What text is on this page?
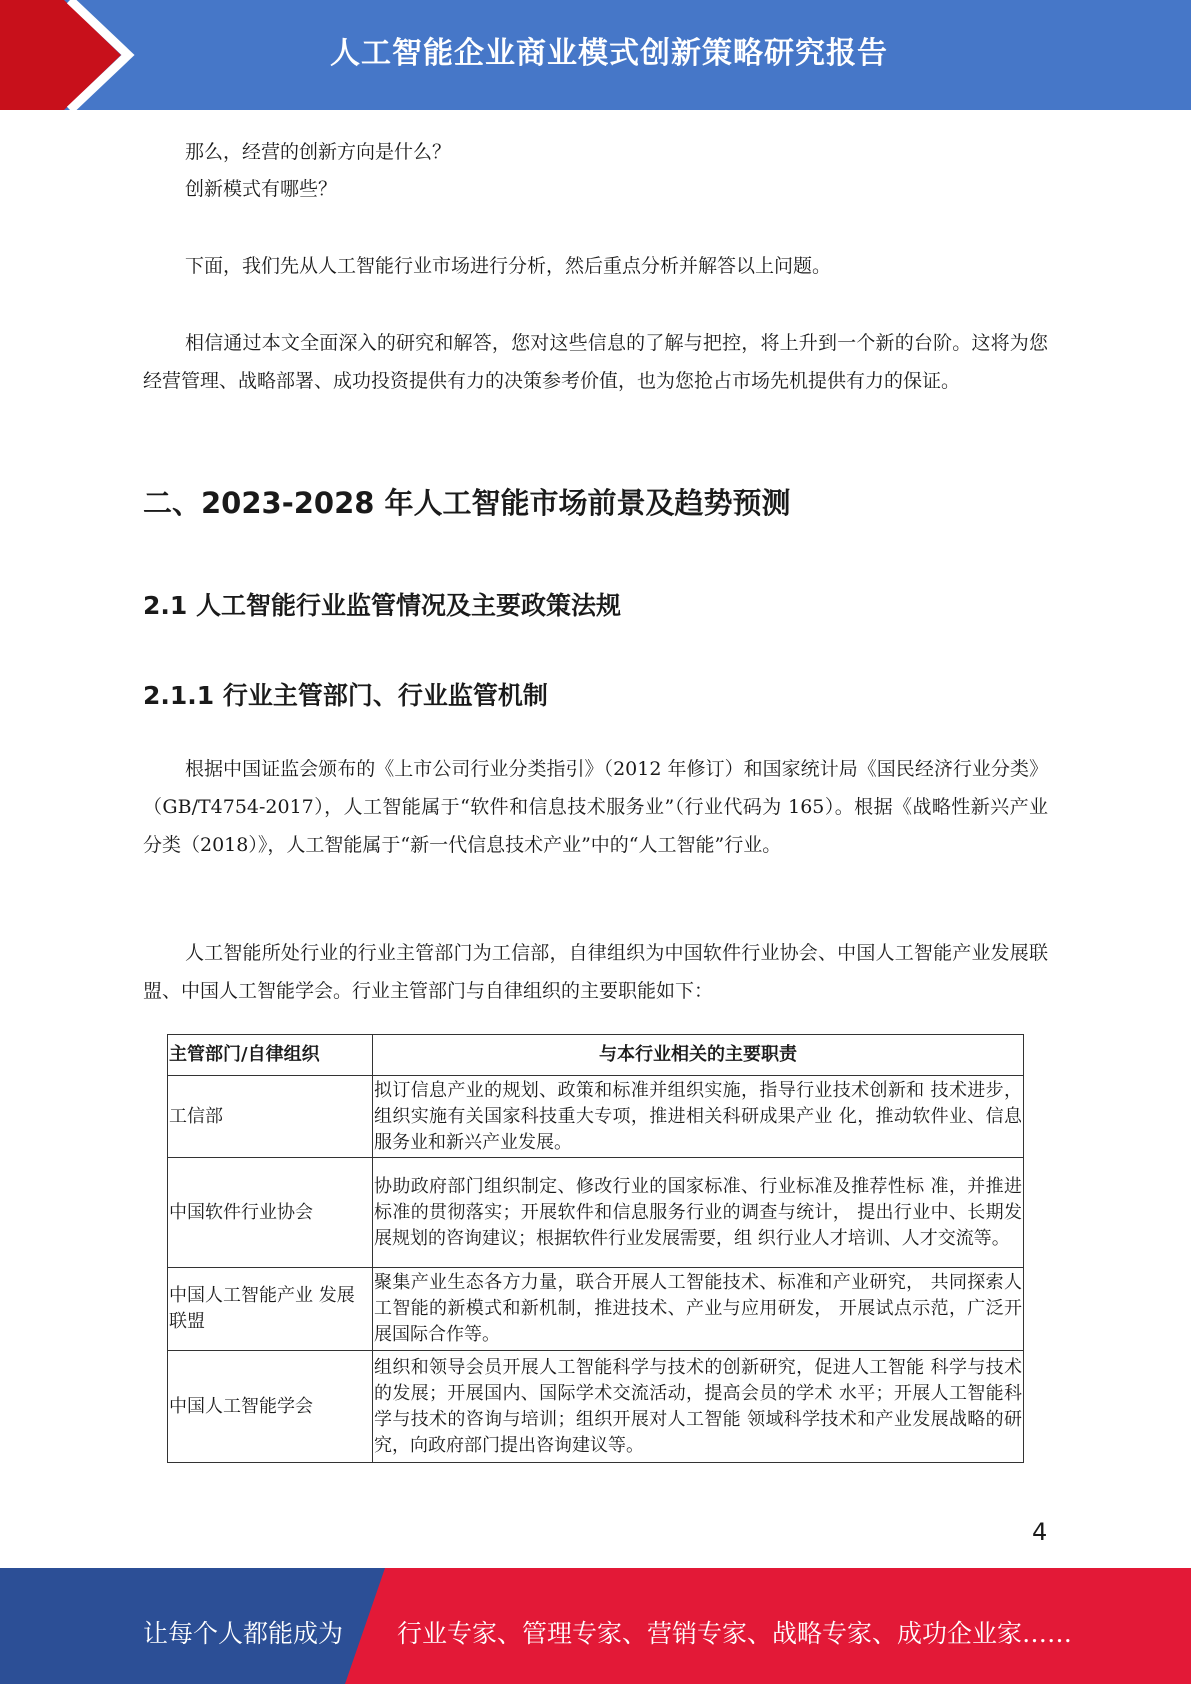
人工智能企业商业模式创新策略研究报告

那么，经营的创新方向是什么？

创新模式有哪些？

下面，我们先从人工智能行业市场进行分析，然后重点分析并解答以上问题。

相信通过本文全面深入的研究和解答，您对这些信息的了解与把控，将上升到一个新的台阶。这将为您经营管理、战略部署、成功投资提供有力的决策参考价值，也为您抢占市场先机提供有力的保证。

二、2023-2028 年人工智能市场前景及趋势预测
2.1 人工智能行业监管情况及主要政策法规
2.1.1 行业主管部门、行业监管机制

根据中国证监会颁布的《上市公司行业分类指引》（2012 年修订）和国家统计局《国民经济行业分类》（GB/T4754-2017），人工智能属于“软件和信息技术服务业”（行业代码为 165）。根据《战略性新兴产业分类（2018）》，人工智能属于“新一代信息技术产业”中的“人工智能”行业。

人工智能所处行业的行业主管部门为工信部，自律组织为中国软件行业协会、中国人工智能产业发展联盟、中国人工智能学会。行业主管部门与自律组织的主要职能如下：

主管部门/自律组织	与本行业相关的主要职责
工信部	拟订信息产业的规划、政策和标准并组织实施，指导行业技术创新和 技术进步，组织实施有关国家科技重大专项，推进相关科研成果产业 化，推动软件业、信息服务业和新兴产业发展。
中国软件行业协会	协助政府部门组织制定、修改行业的国家标准、行业标准及推荐性标 准，并推进标准的贯彻落实；开展软件和信息服务行业的调查与统计， 提出行业中、长期发展规划的咨询建议；根据软件行业发展需要，组 织行业人才培训、人才交流等。
中国人工智能产业 发展联盟	聚集产业生态各方力量，联合开展人工智能技术、标准和产业研究， 共同探索人工智能的新模式和新机制，推进技术、产业与应用研发， 开展试点示范，广泛开展国际合作等。
中国人工智能学会	组织和领导会员开展人工智能科学与技术的创新研究，促进人工智能 科学与技术的发展；开展国内、国际学术交流活动，提高会员的学术 水平；开展人工智能科学与技术的咨询与培训；组织开展对人工智能 领域科学技术和产业发展战略的研究，向政府部门提出咨询建议等。
4
让每个人都能成为 行业专家、管理专家、营销专家、战略专家、成功企业家……
